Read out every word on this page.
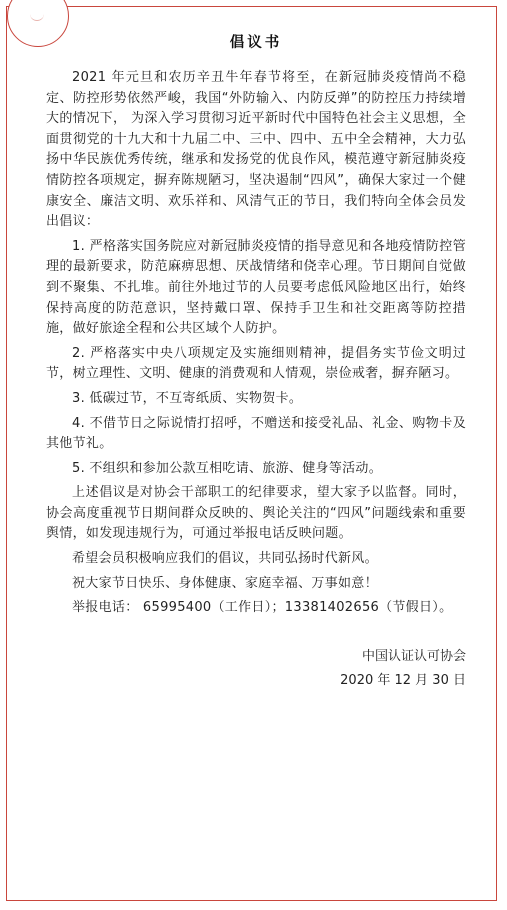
倡议书

2021 年元旦和农历辛丑牛年春节将至，在新冠肺炎疫情尚不稳定、防控形势依然严峻，我国“外防输入、内防反弹”的防控压力持续增大的情况下， 为深入学习贯彻习近平新时代中国特色社会主义思想，全面贯彻党的十九大和十九届二中、三中、四中、五中全会精神，大力弘扬中华民族优秀传统，继承和发扬党的优良作风，模范遵守新冠肺炎疫情防控各项规定，摒弃陈规陋习，坚决遏制“四风”，确保大家过一个健康安全、廉洁文明、欢乐祥和、风清气正的节日，我们特向全体会员发出倡议：

1. 严格落实国务院应对新冠肺炎疫情的指导意见和各地疫情防控管理的最新要求，防范麻痹思想、厌战情绪和侥幸心理。节日期间自觉做到不聚集、不扎堆。前往外地过节的人员要考虑低风险地区出行，始终保持高度的防范意识，坚持戴口罩、保持手卫生和社交距离等防控措施，做好旅途全程和公共区域个人防护。

2. 严格落实中央八项规定及实施细则精神，提倡务实节俭文明过节，树立理性、文明、健康的消费观和人情观，崇俭戒奢，摒弃陋习。

3. 低碳过节，不互寄纸质、实物贺卡。

4. 不借节日之际说情打招呼，不赠送和接受礼品、礼金、购物卡及其他节礼。

5. 不组织和参加公款互相吃请、旅游、健身等活动。

上述倡议是对协会干部职工的纪律要求，望大家予以监督。同时，协会高度重视节日期间群众反映的、舆论关注的“四风”问题线索和重要舆情，如发现违规行为，可通过举报电话反映问题。

希望会员积极响应我们的倡议，共同弘扬时代新风。

祝大家节日快乐、身体健康、家庭幸福、万事如意！

举报电话： 65995400（工作日）；13381402656（节假日）。

中国认证认可协会
2020 年 12 月 30 日
